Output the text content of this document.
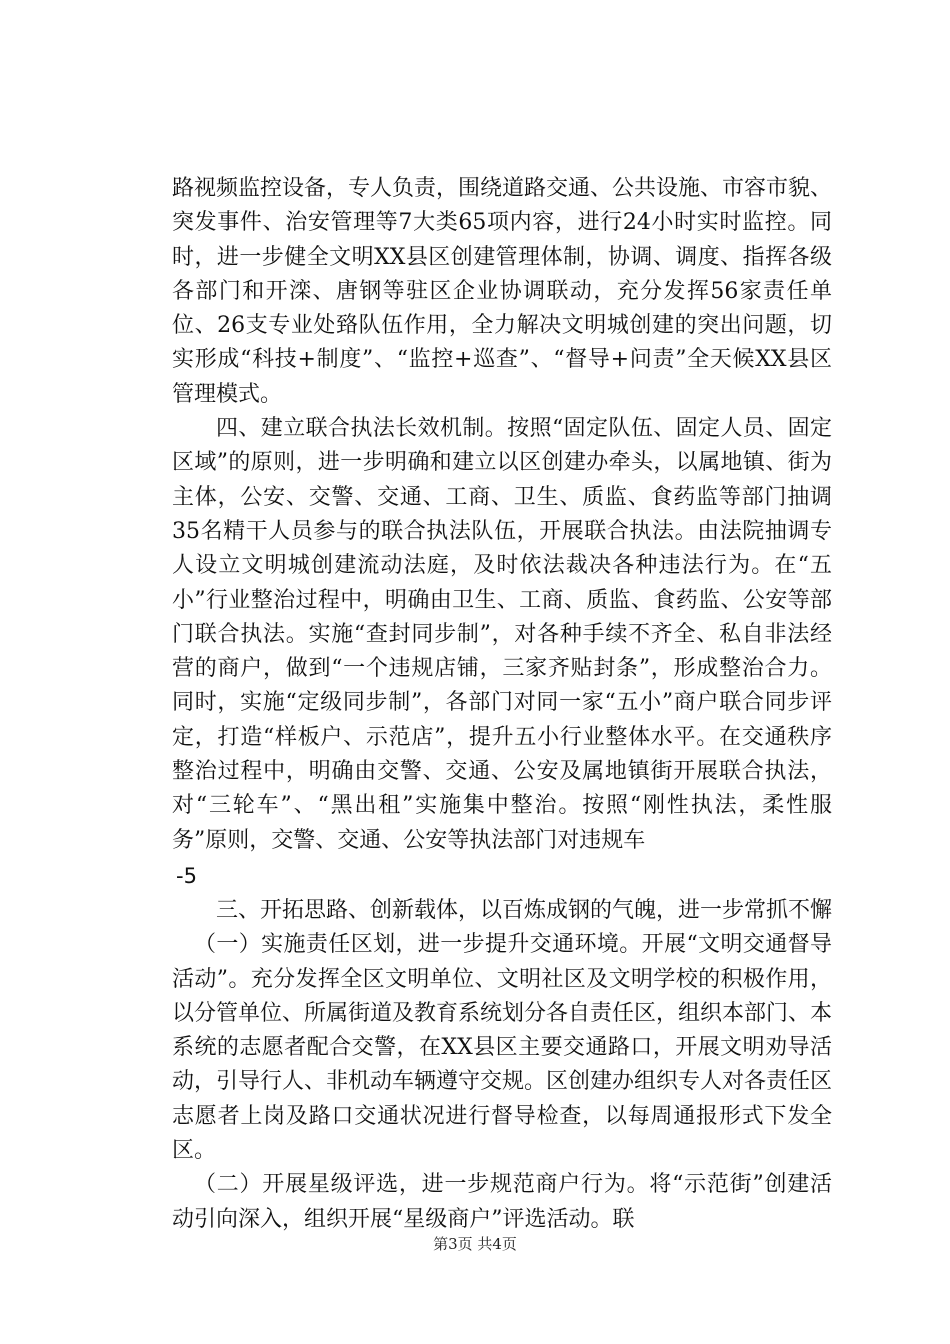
路视频监控设备，专人负责，围绕道路交通、公共设施、市容市貌、突发事件、治安管理等7大类65项内容，进行24小时实时监控。同时，进一步健全文明XX县区创建管理体制，协调、调度、指挥各级各部门和开滦、唐钢等驻区企业协调联动，充分发挥56家责任单位、26支专业处臵队伍作用，全力解决文明城创建的突出问题，切实形成“科技+制度”、“监控+巡查”、“督导+问责”全天候XX县区管理模式。

四、建立联合执法长效机制。按照“固定队伍、固定人员、固定区域”的原则，进一步明确和建立以区创建办牵头，以属地镇、街为主体，公安、交警、交通、工商、卫生、质监、食药监等部门抽调35名精干人员参与的联合执法队伍，开展联合执法。由法院抽调专人设立文明城创建流动法庭，及时依法裁决各种违法行为。在“五小”行业整治过程中，明确由卫生、工商、质监、食药监、公安等部门联合执法。实施“查封同步制”，对各种手续不齐全、私自非法经营的商户，做到“一个违规店铺，三家齐贴封条”，形成整治合力。同时，实施“定级同步制”，各部门对同一家“五小”商户联合同步评定，打造“样板户、示范店”，提升五小行业整体水平。在交通秩序整治过程中，明确由交警、交通、公安及属地镇街开展联合执法，对“三轮车”、“黑出租”实施集中整治。按照“刚性执法，柔性服务”原则，交警、交通、公安等执法部门对违规车

-5

三、开拓思路、创新载体，以百炼成钢的气魄，进一步常抓不懈

（一）实施责任区划，进一步提升交通环境。开展“文明交通督导活动”。充分发挥全区文明单位、文明社区及文明学校的积极作用，以分管单位、所属街道及教育系统划分各自责任区，组织本部门、本系统的志愿者配合交警，在XX县区主要交通路口，开展文明劝导活动，引导行人、非机动车辆遵守交规。区创建办组织专人对各责任区志愿者上岗及路口交通状况进行督导检查，以每周通报形式下发全区。

（二）开展星级评选，进一步规范商户行为。将“示范街”创建活动引向深入，组织开展“星级商户”评选活动。联

第3页 共4页
